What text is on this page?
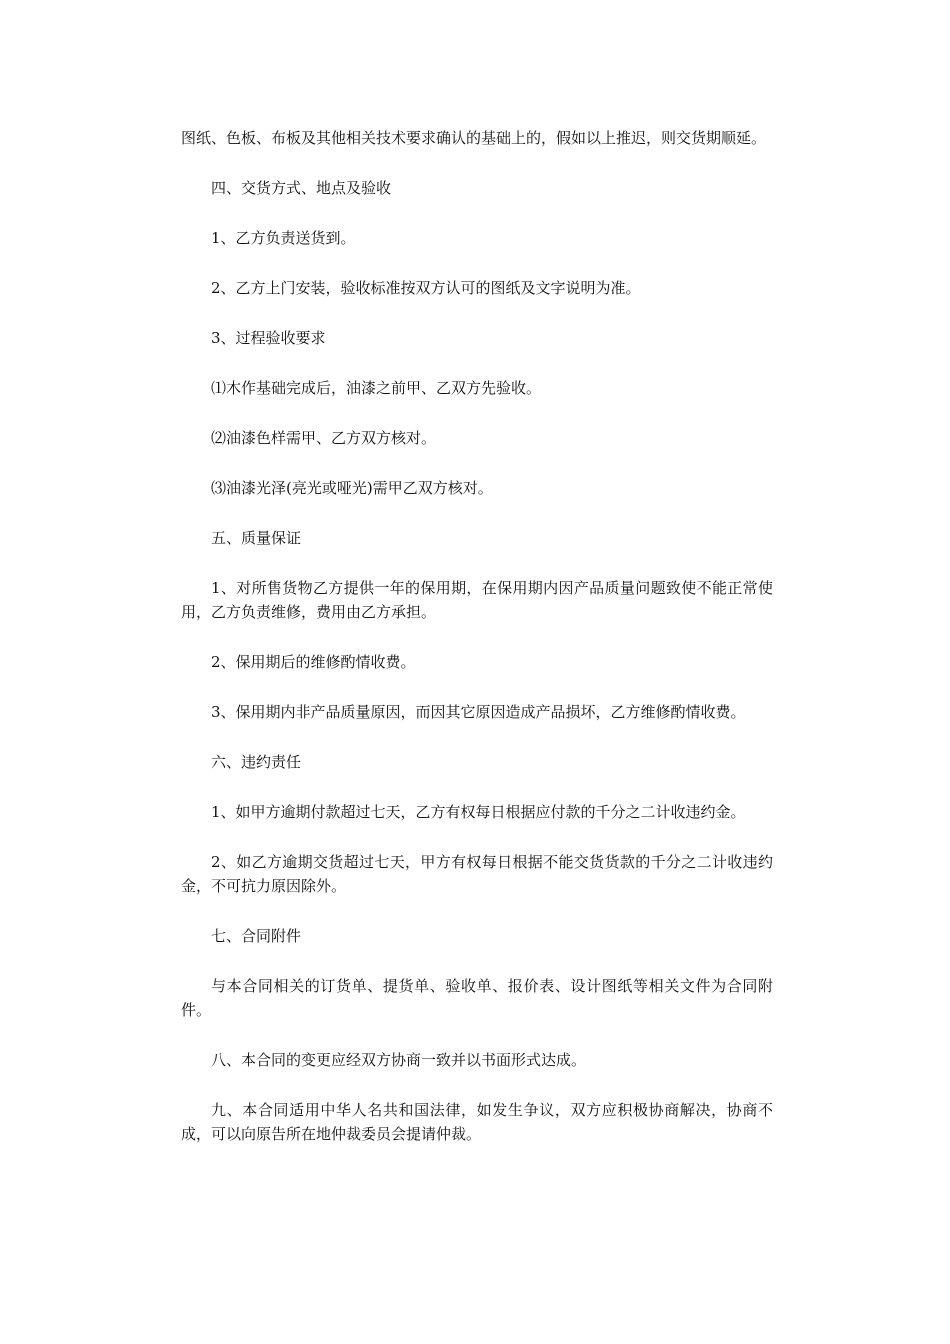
图纸、色板、布板及其他相关技术要求确认的基础上的，假如以上推迟，则交货期顺延。

四、交货方式、地点及验收

1、乙方负责送货到。

2、乙方上门安装，验收标准按双方认可的图纸及文字说明为准。

3、过程验收要求

⑴木作基础完成后，油漆之前甲、乙双方先验收。

⑵油漆色样需甲、乙方双方核对。

⑶油漆光泽(亮光或哑光)需甲乙双方核对。

五、质量保证

1、对所售货物乙方提供一年的保用期，在保用期内因产品质量问题致使不能正常使用，乙方负责维修，费用由乙方承担。

2、保用期后的维修酌情收费。

3、保用期内非产品质量原因，而因其它原因造成产品损坏，乙方维修酌情收费。

六、违约责任

1、如甲方逾期付款超过七天，乙方有权每日根据应付款的千分之二计收违约金。

2、如乙方逾期交货超过七天，甲方有权每日根据不能交货货款的千分之二计收违约金，不可抗力原因除外。

七、合同附件

与本合同相关的订货单、提货单、验收单、报价表、设计图纸等相关文件为合同附件。

八、本合同的变更应经双方协商一致并以书面形式达成。

九、本合同适用中华人名共和国法律，如发生争议，双方应积极协商解决，协商不成，可以向原告所在地仲裁委员会提请仲裁。
